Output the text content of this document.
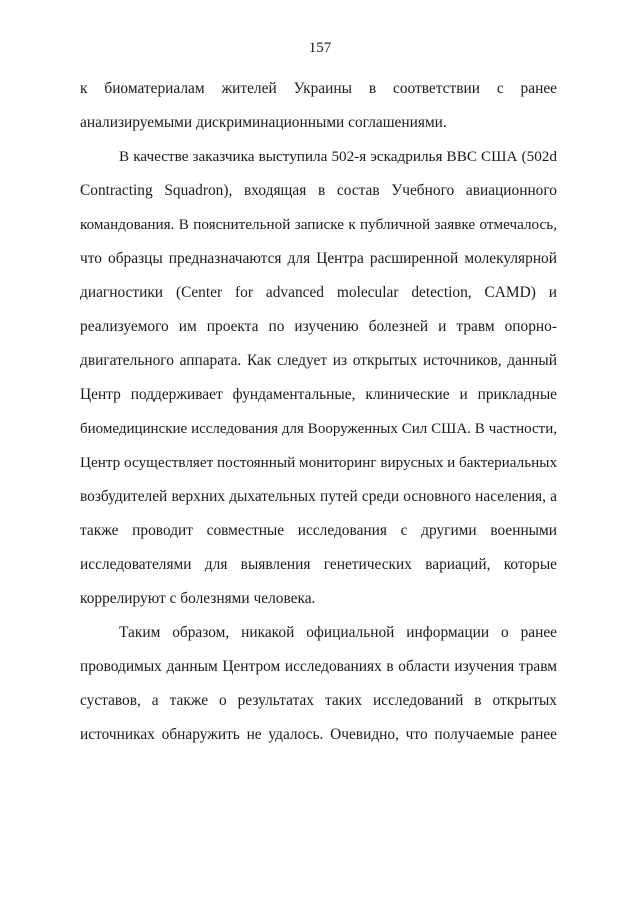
157
к биоматериалам жителей Украины в соответствии с ранее
анализируемыми дискриминационными соглашениями.
В качестве заказчика выступила 502-я эскадрилья ВВС США (502d
Contracting Squadron), входящая в состав Учебного авиационного
командования. В пояснительной записке к публичной заявке отмечалось,
что образцы предназначаются для Центра расширенной молекулярной
диагностики (Center for advanced molecular detection, CAMD) и
реализуемого им проекта по изучению болезней и травм опорно-
двигательного аппарата. Как следует из открытых источников, данный
Центр поддерживает фундаментальные, клинические и прикладные
биомедицинские исследования для Вооруженных Сил США. В частности,
Центр осуществляет постоянный мониторинг вирусных и бактериальных
возбудителей верхних дыхательных путей среди основного населения, а
также проводит совместные исследования с другими военными
исследователями для выявления генетических вариаций, которые
коррелируют с болезнями человека.
Таким образом, никакой официальной информации о ранее
проводимых данным Центром исследованиях в области изучения травм
суставов, а также о результатах таких исследований в открытых
источниках обнаружить не удалось. Очевидно, что получаемые ранее
